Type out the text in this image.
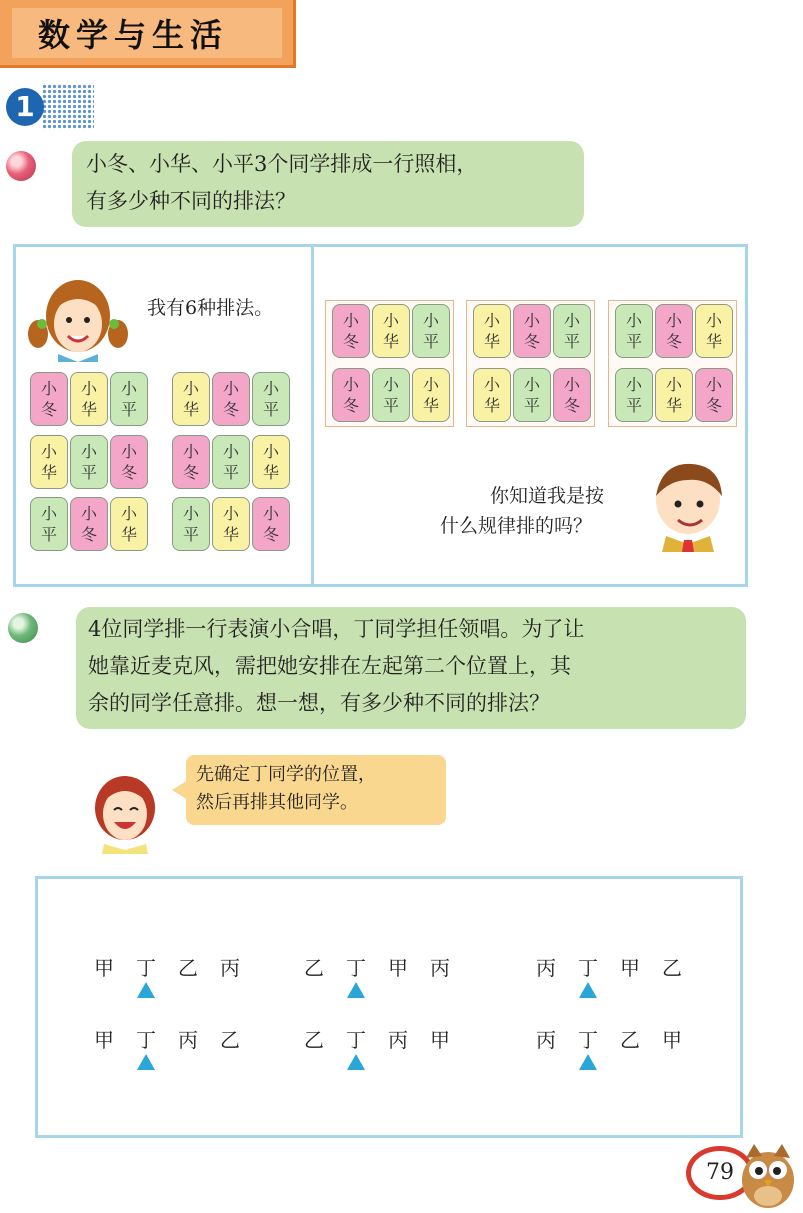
数学与生活
1
小冬、小华、小平3个同学排成一行照相，
有多少种不同的排法？
我有6种排法。
小
冬
小
华
小
平
小
华
小
冬
小
平
小
华
小
平
小
冬
小
冬
小
平
小
华
小
平
小
冬
小
华
小
平
小
华
小
冬
小
冬
小
华
小
平
小
冬
小
平
小
华
小
华
小
冬
小
平
小
华
小
平
小
冬
小
平
小
冬
小
华
小
平
小
华
小
冬
你知道我是按
什么规律排的吗？
4位同学排一行表演小合唱，丁同学担任领唱。为了让
她靠近麦克风，需把她安排在左起第二个位置上，其
余的同学任意排。想一想，有多少种不同的排法？
先确定丁同学的位置，
然后再排其他同学。
甲 丁 乙 丙	乙 丁 甲 丙	丙 丁 甲 乙
甲 丁 丙 乙	乙 丁 丙 甲	丙 丁 乙 甲
79
